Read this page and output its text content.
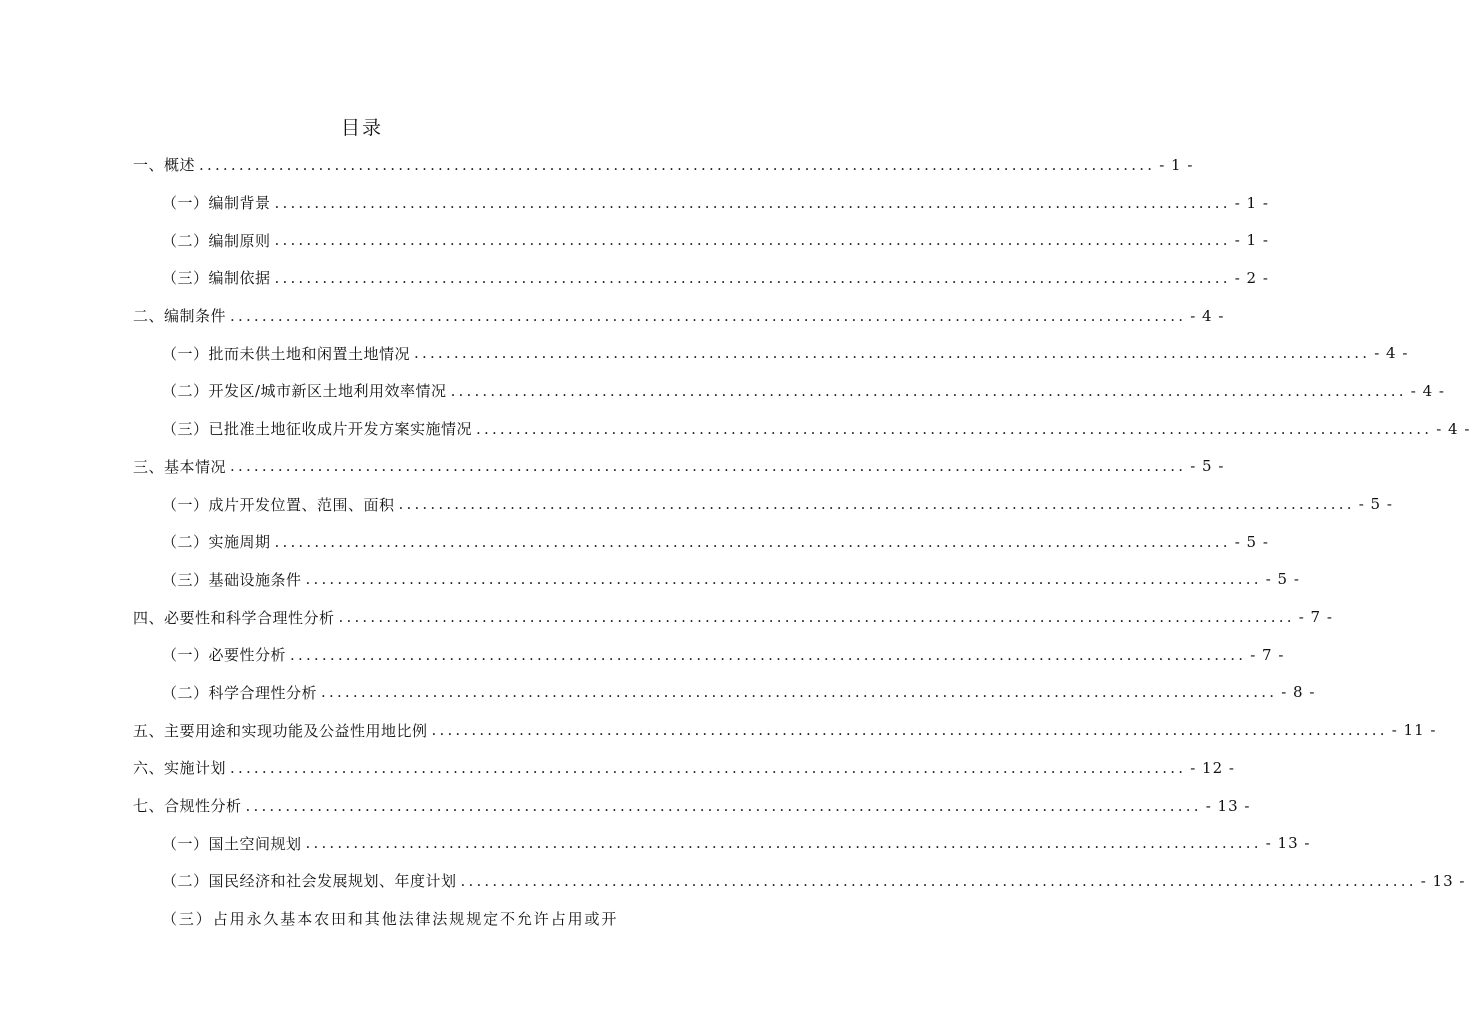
目录
一、概述 ........................................................................................................................ - 1 -
（一）编制背景 ........................................................................................................................ - 1 -
（二）编制原则 ........................................................................................................................ - 1 -
（三）编制依据 ........................................................................................................................ - 2 -
二、编制条件 ........................................................................................................................ - 4 -
（一）批而未供土地和闲置土地情况 ........................................................................................................................ - 4 -
（二）开发区/城市新区土地利用效率情况 ........................................................................................................................ - 4 -
（三）已批准土地征收成片开发方案实施情况 ........................................................................................................................ - 4 -
三、基本情况 ........................................................................................................................ - 5 -
（一）成片开发位置、范围、面积 ........................................................................................................................ - 5 -
（二）实施周期 ........................................................................................................................ - 5 -
（三）基础设施条件 ........................................................................................................................ - 5 -
四、必要性和科学合理性分析 ........................................................................................................................ - 7 -
（一）必要性分析 ........................................................................................................................ - 7 -
（二）科学合理性分析 ........................................................................................................................ - 8 -
五、主要用途和实现功能及公益性用地比例 ........................................................................................................................ - 11 -
六、实施计划 ........................................................................................................................ - 12 -
七、合规性分析 ........................................................................................................................ - 13 -
（一）国土空间规划 ........................................................................................................................ - 13 -
（二）国民经济和社会发展规划、年度计划 ........................................................................................................................ - 13 -
（三）占用永久基本农田和其他法律法规规定不允许占用或开
